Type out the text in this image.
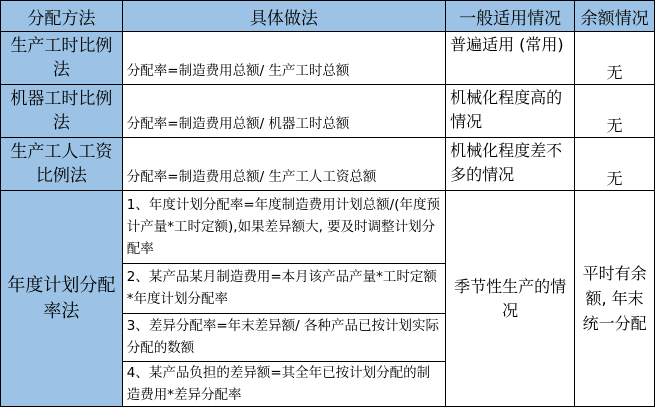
分配方法	具体做法	一般适用情况	余额情况
生产工时比例法	分配率=制造费用总额/ 生产工时总额	普遍适用 (常用)	无
机器工时比例法	分配率=制造费用总额/ 机器工时总额	机械化程度高的情况	无
生产工人工资比例法	分配率=制造费用总额/ 生产工人工资总额	机械化程度差不多的情况	无
年度计划分配率法	1、年度计划分配率=年度制造费用计划总额/(年度预计产量*工时定额),如果差异额大, 要及时调整计划分配率	季节性生产的情况	平时有余额, 年末统一分配
	2、某产品某月制造费用=本月该产品产量*工时定额*年度计划分配率		
	3、差异分配率=年末差异额/ 各种产品已按计划实际分配的数额		
	4、某产品负担的差异额=其全年已按计划分配的制造费用*差异分配率		
